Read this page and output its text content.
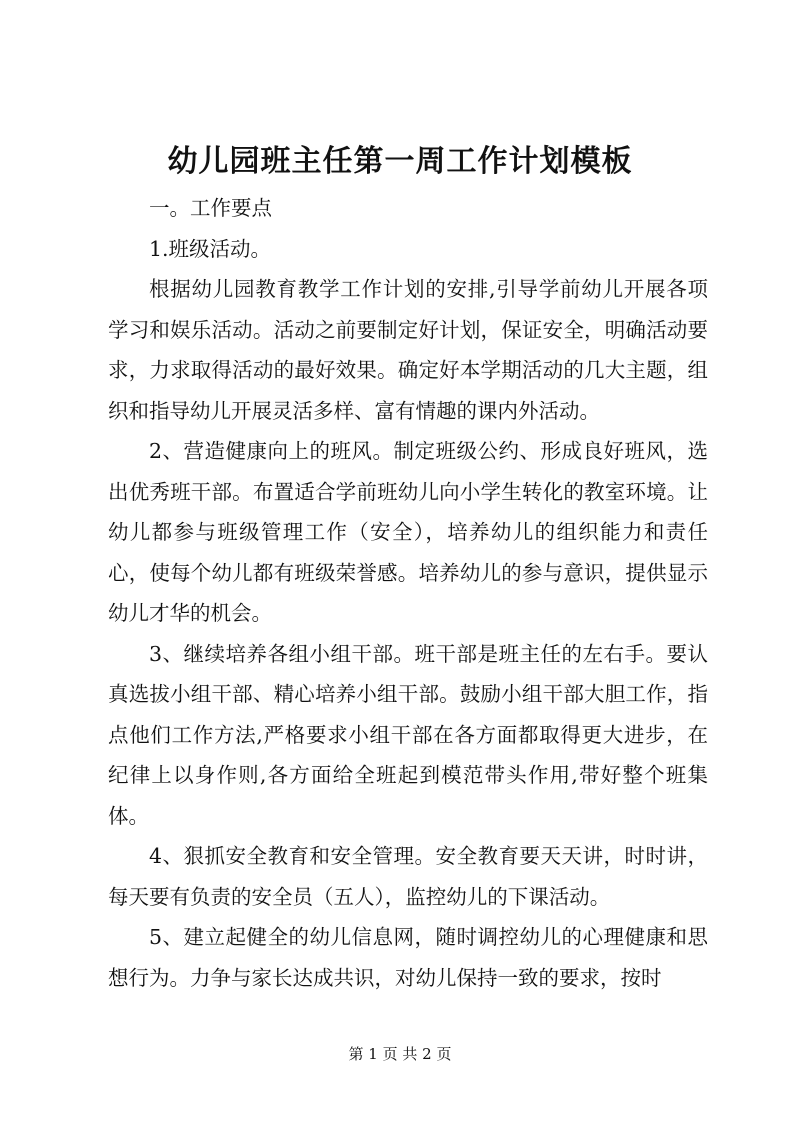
幼儿园班主任第一周工作计划模板

一。工作要点

1.班级活动。

根据幼儿园教育教学工作计划的安排,引导学前幼儿开展各项学习和娱乐活动。活动之前要制定好计划，保证安全，明确活动要求，力求取得活动的最好效果。确定好本学期活动的几大主题，组织和指导幼儿开展灵活多样、富有情趣的课内外活动。

2、营造健康向上的班风。制定班级公约、形成良好班风，选出优秀班干部。布置适合学前班幼儿向小学生转化的教室环境。让幼儿都参与班级管理工作（安全），培养幼儿的组织能力和责任心，使每个幼儿都有班级荣誉感。培养幼儿的参与意识，提供显示幼儿才华的机会。

3、继续培养各组小组干部。班干部是班主任的左右手。要认真选拔小组干部、精心培养小组干部。鼓励小组干部大胆工作，指点他们工作方法,严格要求小组干部在各方面都取得更大进步，在纪律上以身作则,各方面给全班起到模范带头作用,带好整个班集体。

4、狠抓安全教育和安全管理。安全教育要天天讲，时时讲，每天要有负责的安全员（五人），监控幼儿的下课活动。

5、建立起健全的幼儿信息网，随时调控幼儿的心理健康和思想行为。力争与家长达成共识，对幼儿保持一致的要求，按时

第 1 页 共 2 页
